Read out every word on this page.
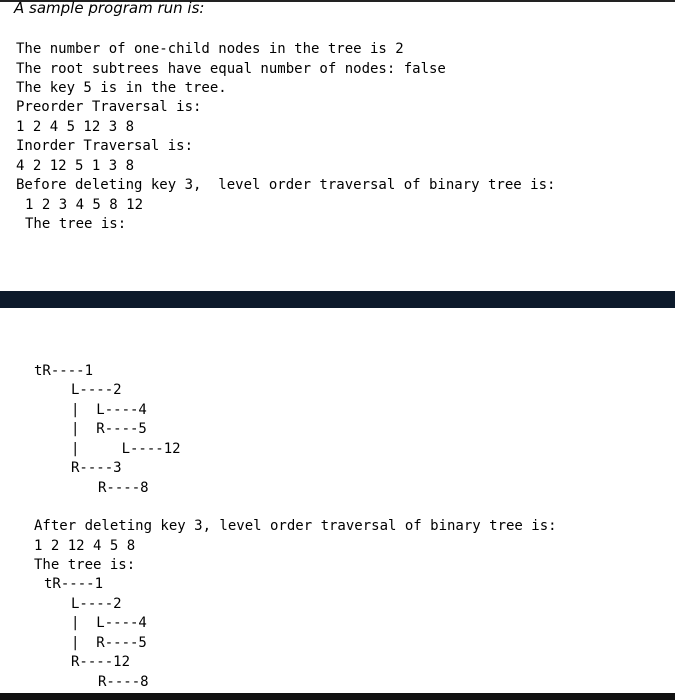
A sample program run is:
The number of one-child nodes in the tree is 2
The root subtrees have equal number of nodes: false
The key 5 is in the tree.
Preorder Traversal is:
1 2 4 5 12 3 8
Inorder Traversal is:
4 2 12 5 1 3 8
Before deleting key 3,  level order traversal of binary tree is:
1 2 3 4 5 8 12
The tree is:
tR----1
L----2
|  L----4
|  R----5
|     L----12
R----3
R----8
After deleting key 3, level order traversal of binary tree is:
1 2 12 4 5 8
The tree is:
tR----1
L----2
|  L----4
|  R----5
R----12
R----8
